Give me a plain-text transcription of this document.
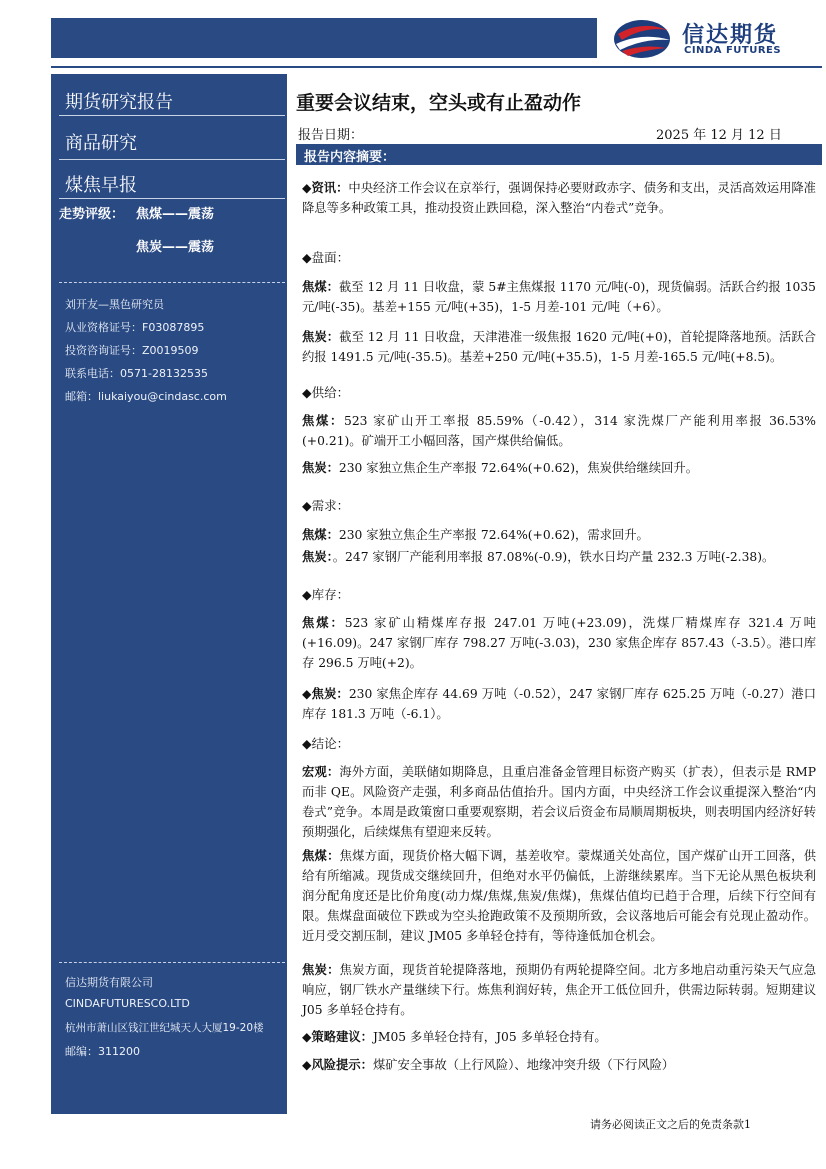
信达期货
CINDA FUTURES
期货研究报告
商品研究
煤焦早报
走势评级： 焦煤——震荡
焦炭——震荡
刘开友—黑色研究员
从业资格证号：F03087895
投资咨询证号：Z0019509
联系电话：0571-28132535
邮箱：liukaiyou@cindasc.com
信达期货有限公司
CINDAFUTURESCO.LTD
杭州市萧山区钱江世纪城天人大厦19-20楼
邮编：311200
重要会议结束，空头或有止盈动作
报告日期：	2025 年 12 月 12 日
报告内容摘要：

◆资讯：中央经济工作会议在京举行，强调保持必要财政赤字、债务和支出，灵活高效运用降准降息等多种政策工具，推动投资止跌回稳，深入整治“内卷式”竞争。

◆盘面：

焦煤：截至 12 月 11 日收盘，蒙 5#主焦煤报 1170 元/吨(-0)，现货偏弱。活跃合约报 1035 元/吨(-35)。基差+155 元/吨(+35)，1-5 月差-101 元/吨（+6）。

焦炭：截至 12 月 11 日收盘，天津港准一级焦报 1620 元/吨(+0)，首轮提降落地预。活跃合约报 1491.5 元/吨(-35.5)。基差+250 元/吨(+35.5)，1-5 月差-165.5 元/吨(+8.5)。

◆供给：

焦煤：523 家矿山开工率报 85.59%（-0.42），314 家洗煤厂产能利用率报 36.53%(+0.21)。矿端开工小幅回落，国产煤供给偏低。

焦炭：230 家独立焦企生产率报 72.64%(+0.62)，焦炭供给继续回升。

◆需求：

焦煤：230 家独立焦企生产率报 72.64%(+0.62)，需求回升。

焦炭：。247 家钢厂产能利用率报 87.08%(-0.9)，铁水日均产量 232.3 万吨(-2.38)。

◆库存：

焦煤：523 家矿山精煤库存报 247.01 万吨(+23.09)，洗煤厂精煤库存 321.4 万吨(+16.09)。247 家钢厂库存 798.27 万吨(-3.03)，230 家焦企库存 857.43（-3.5）。港口库存 296.5 万吨(+2)。

◆焦炭：230 家焦企库存 44.69 万吨（-0.52），247 家钢厂库存 625.25 万吨（-0.27）港口库存 181.3 万吨（-6.1）。

◆结论：

宏观：海外方面，美联储如期降息，且重启准备金管理目标资产购买（扩表），但表示是 RMP 而非 QE。风险资产走强，利多商品估值抬升。国内方面，中央经济工作会议重提深入整治“内卷式”竞争。本周是政策窗口重要观察期，若会议后资金布局顺周期板块，则表明国内经济好转预期强化，后续煤焦有望迎来反转。

焦煤：焦煤方面，现货价格大幅下调，基差收窄。蒙煤通关处高位，国产煤矿山开工回落，供给有所缩减。现货成交继续回升，但绝对水平仍偏低，上游继续累库。当下无论从黑色板块利润分配角度还是比价角度(动力煤/焦煤,焦炭/焦煤)，焦煤估值均已趋于合理，后续下行空间有限。焦煤盘面破位下跌或为空头抢跑政策不及预期所致，会议落地后可能会有兑现止盈动作。近月受交割压制，建议 JM05 多单轻仓持有，等待逢低加仓机会。

焦炭：焦炭方面，现货首轮提降落地，预期仍有两轮提降空间。北方多地启动重污染天气应急响应，钢厂铁水产量继续下行。炼焦利润好转，焦企开工低位回升，供需边际转弱。短期建议 J05 多单轻仓持有。

◆策略建议：JM05 多单轻仓持有，J05 多单轻仓持有。

◆风险提示：煤矿安全事故（上行风险）、地缘冲突升级（下行风险）

请务必阅读正文之后的免责条款1
